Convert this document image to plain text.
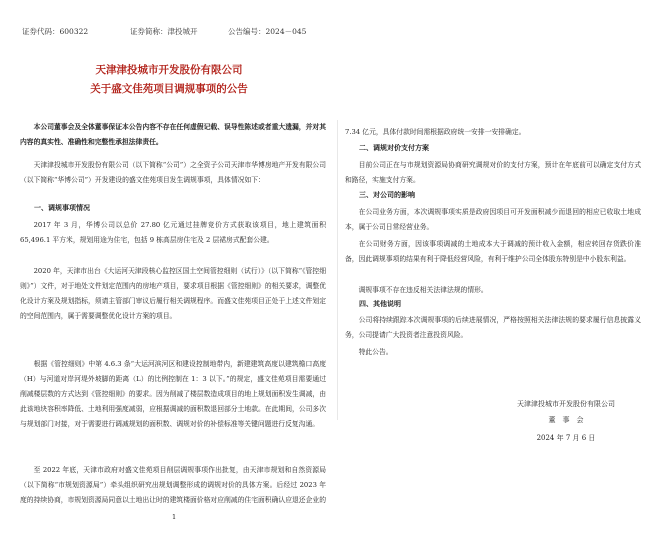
证券代码：600322	证券简称：津投城开	公告编号：2024－045
天津津投城市开发股份有限公司
关于盛文佳苑项目调规事项的公告

本公司董事会及全体董事保证本公告内容不存在任何虚假记载、误导性陈述或者重大遗漏，并对其内容的真实性、准确性和完整性承担法律责任。

天津津投城市开发股份有限公司（以下简称“公司”）之全资子公司天津市华博房地产开发有限公司（以下简称“华博公司”）开发建设的盛文佳苑项目发生调规事项，具体情况如下：

一、调规事项情况

2017 年 3 月，华博公司以总价 27.80 亿元通过挂牌竞价方式获取该项目，地上建筑面积 65,496.1 平方米，规划用途为住宅，包括 9 栋高层房住宅及 2 层裙房式配套公建。

2020 年，天津市出台《大运河天津段核心监控区国土空间管控细则（试行）》（以下简称“《管控细则》”）文件，对于地处文件划定范围内的房地产项目，要求项目根据《管控细则》的相关要求，调整优化设计方案及规划指标，须请主管部门审议后履行相关调规程序。而盛文佳苑项目正处于上述文件划定的空间范围内，属于需要调整优化设计方案的项目。

根据《管控细则》中第 4.6.3 条“大运河滨河区和建设控制地带内，新建建筑高度以建筑檐口高度（H）与河道对岸河堤外坡脚的距离（L）的比例控制在 1：3 以下。”的规定，盛文佳苑项目需要通过削减楼层数的方式达到《管控细则》的要求。因为削减了楼层数造成项目的地上规划面积发生调减，由此该地块容积率降低、土地利用强度减弱，应根据调减的面积数退回部分土地款。在此期间，公司多次与规划部门对接，对于需要进行调减规划的面积数、调规对价的补偿标准等关键问题进行反复沟通。

至 2022 年底，天津市政府对盛文佳苑项目削层调规事项作出批复，由天津市规划和自然资源局（以下简称“市规划资源局”）牵头组织研究出规划调整形成的调规对价的具体方案。后经过 2023 年度的持续协商，市规划资源局同意以土地出让时的建筑楼面价格对应削减的住宅面积确认应退还企业的

1

7.34 亿元，具体付款时间需根据政府统一安排一安排确定。

二、调规对价支付方案

目前公司正在与市规划资源局协商研究调规对价的支付方案，预计在年底前可以确定支付方式和路径，实施支付方案。

三、对公司的影响

在公司业务方面，本次调规事项实质是政府因项目可开发面积减少而退回的相应已收取土地成本，属于公司日常经营业务。

在公司财务方面，因该事项调减的土地成本大于调减的预计收入金额，相应转回存货跌价准备，因此调规事项的结果有利于降低经营风险，有利于维护公司全体股东特别是中小股东利益。

调规事项不存在违反相关法律法规的情形。

四、其他说明

公司将持续跟踪本次调规事项的后续进展情况，严格按照相关法律法规的要求履行信息披露义务，公司提请广大投资者注意投资风险。

特此公告。

天津津投城市开发股份有限公司
董　事　会
2024 年 7 月 6 日
